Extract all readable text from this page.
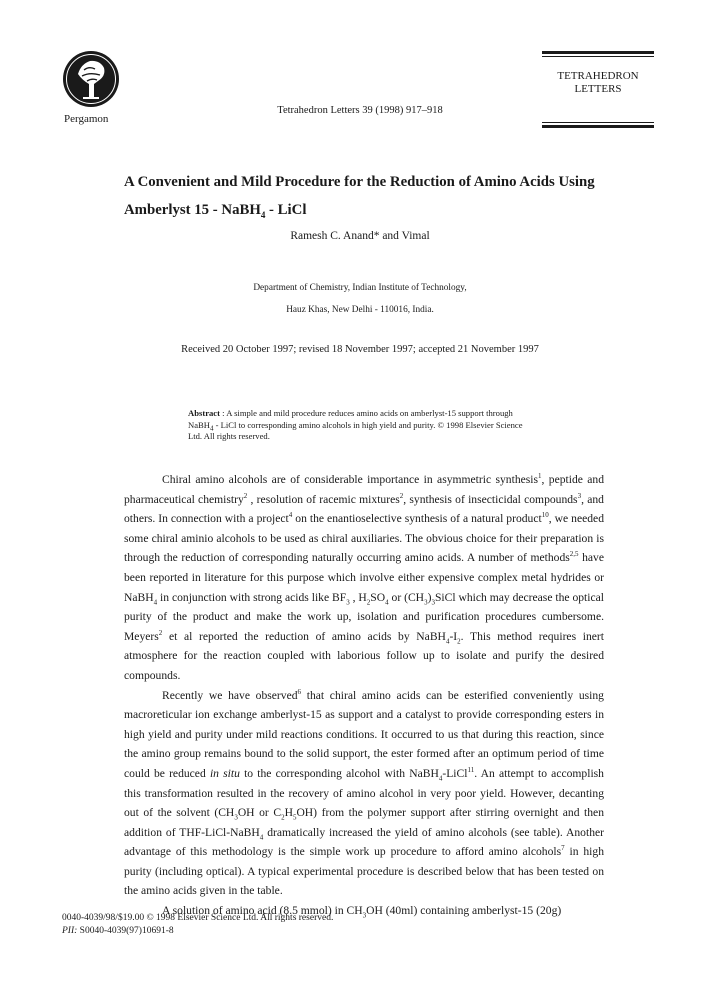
Pergamon
Tetrahedron Letters 39 (1998) 917–918
TETRAHEDRON
LETTERS
A Convenient and Mild Procedure for the Reduction of Amino Acids Using Amberlyst 15 - NaBH$_4$ - LiCl
Ramesh C. Anand* and Vimal
Department of Chemistry, Indian Institute of Technology,
Hauz Khas, New Delhi - 110016, India.
Received 20 October 1997; revised 18 November 1997; accepted 21 November 1997
Abstract : A simple and mild procedure reduces amino acids on amberlyst-15 support through NaBH$_4$ - LiCl to corresponding amino alcohols in high yield and purity. © 1998 Elsevier Science Ltd. All rights reserved.

Chiral amino alcohols are of considerable importance in asymmetric synthesis$^1$, peptide and pharmaceutical chemistry$^2$ , resolution of racemic mixtures$^2$, synthesis of insecticidal compounds$^3$, and others. In connection with a project$^4$ on the enantioselective synthesis of a natural product$^{10}$, we needed some chiral aminio alcohols to be used as chiral auxiliaries. The obvious choice for their preparation is through the reduction of corresponding naturally occurring amino acids. A number of methods$^{2,5}$ have been reported in literature for this purpose which involve either expensive complex metal hydrides or NaBH$_4$ in conjunction with strong acids like $BF_3$ , $H_2SO_4$ or $(CH_3)_3SiCl$ which may decrease the optical purity of the product and make the work up, isolation and purification procedures cumbersome. Meyers$^2$ et al reported the reduction of amino acids by $NaBH_4-I_2$. This method requires inert atmosphere for the reaction coupled with laborious follow up to isolate and purify the desired compounds.

Recently we have observed$^6$ that chiral amino acids can be esterified conveniently using macroreticular ion exchange amberlyst-15 as support and a catalyst to provide corresponding esters in high yield and purity under mild reactions conditions. It occurred to us that during this reaction, since the amino group remains bound to the solid support, the ester formed after an optimum period of time could be reduced in situ to the corresponding alcohol with NaBH$_4$-LiCl$^{11}$. An attempt to accomplish this transformation resulted in the recovery of amino alcohol in very poor yield. However, decanting out of the solvent ($CH_3OH$ or $C_2H_5OH$) from the polymer support after stirring overnight and then addition of THF-LiCl-NaBH$_4$ dramatically increased the yield of amino alcohols (see table). Another advantage of this methodology is the simple work up procedure to afford amino alcohols$^7$ in high purity (including optical). A typical experimental procedure is described below that has been tested on the amino acids given in the table.

A solution of amino acid (8.5 mmol) in $CH_3OH$ (40ml) containing amberlyst-15 (20g)

0040-4039/98/$19.00 © 1998 Elsevier Science Ltd. All rights reserved.
PII: S0040-4039(97)10691-8
